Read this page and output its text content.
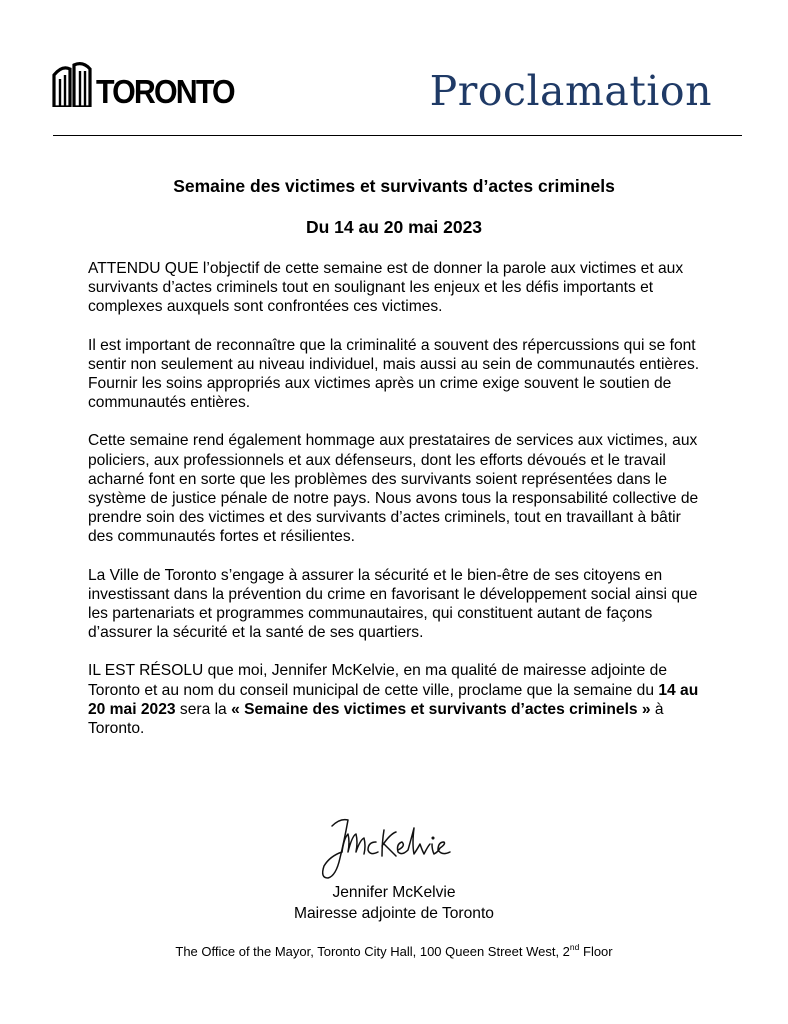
TORONTO	Proclamation
Semaine des victimes et survivants d’actes criminels
Du 14 au 20 mai 2023

ATTENDU QUE l’objectif de cette semaine est de donner la parole aux victimes et aux survivants d’actes criminels tout en soulignant les enjeux et les défis importants et complexes auxquels sont confrontées ces victimes.

Il est important de reconnaître que la criminalité a souvent des répercussions qui se font sentir non seulement au niveau individuel, mais aussi au sein de communautés entières. Fournir les soins appropriés aux victimes après un crime exige souvent le soutien de communautés entières.

Cette semaine rend également hommage aux prestataires de services aux victimes, aux policiers, aux professionnels et aux défenseurs, dont les efforts dévoués et le travail acharné font en sorte que les problèmes des survivants soient représentées dans le système de justice pénale de notre pays. Nous avons tous la responsabilité collective de prendre soin des victimes et des survivants d’actes criminels, tout en travaillant à bâtir des communautés fortes et résilientes.

La Ville de Toronto s’engage à assurer la sécurité et le bien-être de ses citoyens en investissant dans la prévention du crime en favorisant le développement social ainsi que les partenariats et programmes communautaires, qui constituent autant de façons d’assurer la sécurité et la santé de ses quartiers.

IL EST RÉSOLU que moi, Jennifer McKelvie, en ma qualité de mairesse adjointe de Toronto et au nom du conseil municipal de cette ville, proclame que la semaine du 14 au 20 mai 2023 sera la « Semaine des victimes et survivants d’actes criminels » à Toronto.

Jennifer McKelvie
Mairesse adjointe de Toronto
The Office of the Mayor, Toronto City Hall, 100 Queen Street West, 2nd Floor
